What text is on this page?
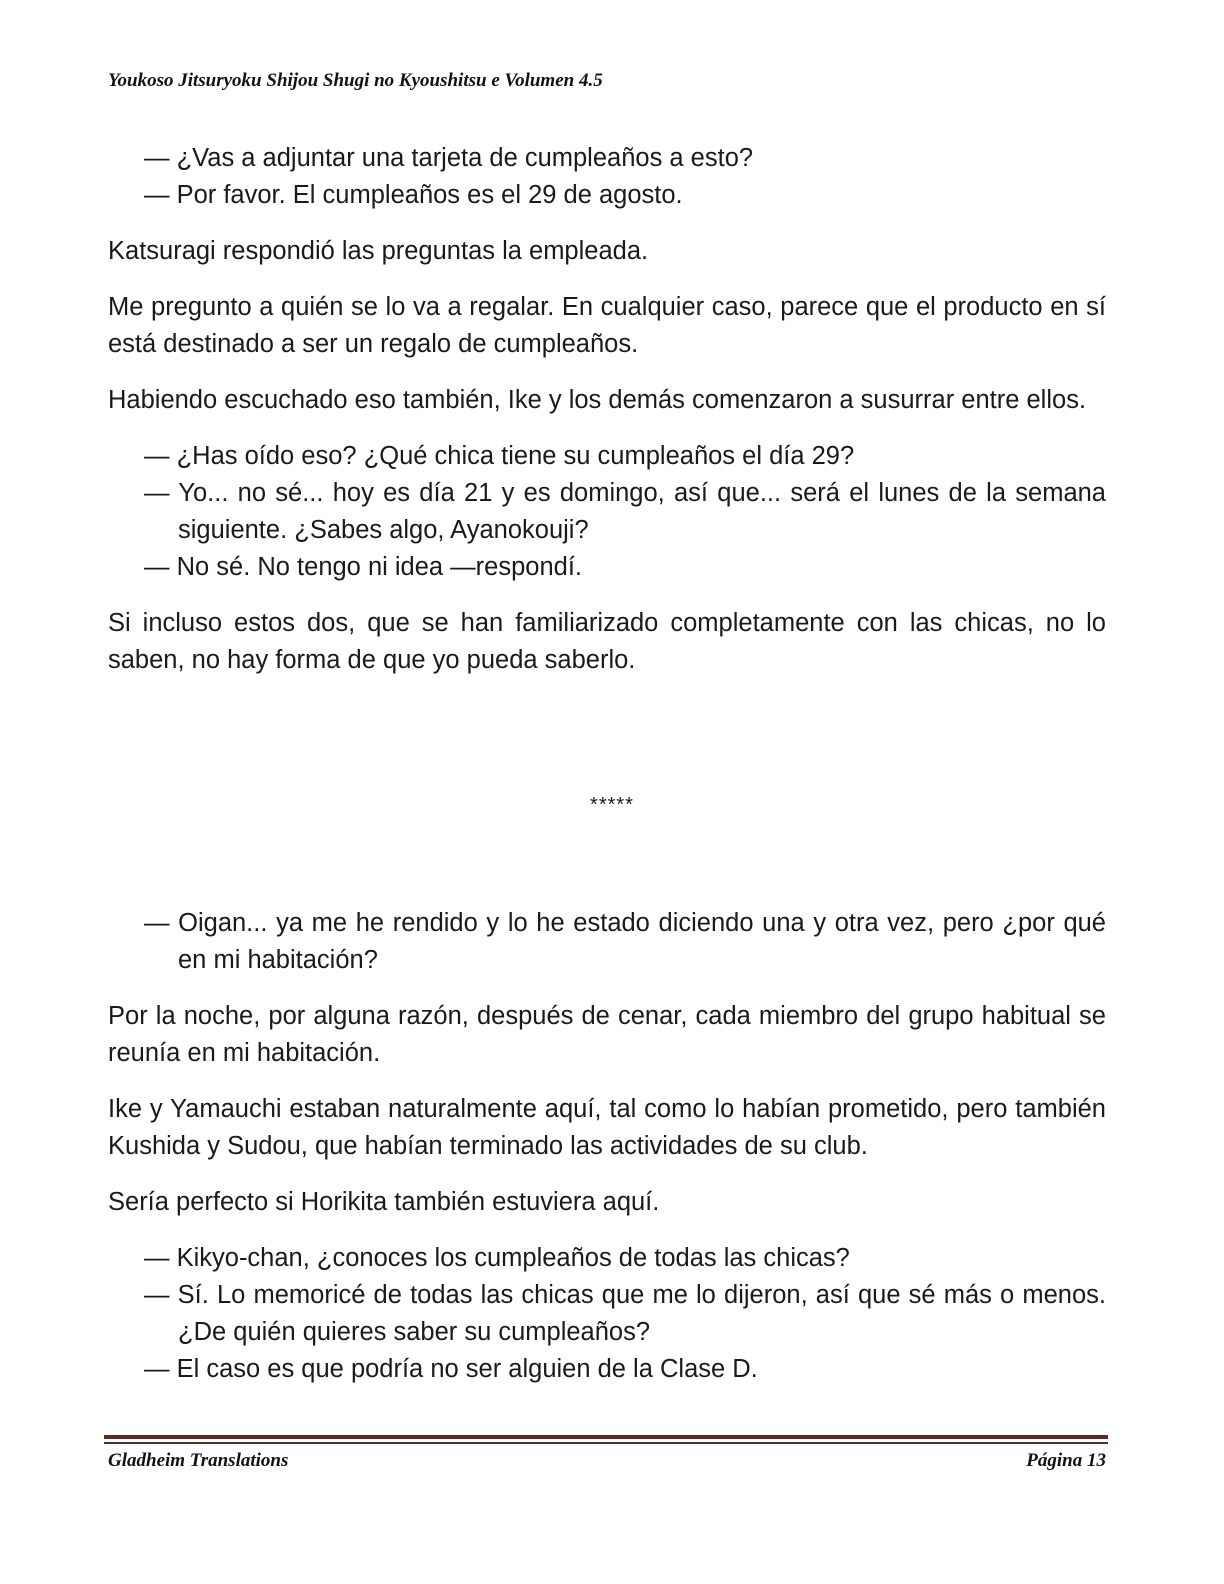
Youkoso Jitsuryoku Shijou Shugi no Kyoushitsu e Volumen 4.5

— ¿Vas a adjuntar una tarjeta de cumpleaños a esto?

— Por favor. El cumpleaños es el 29 de agosto.

Katsuragi respondió las preguntas la empleada.

Me pregunto a quién se lo va a regalar. En cualquier caso, parece que el producto en sí está destinado a ser un regalo de cumpleaños.

Habiendo escuchado eso también, Ike y los demás comenzaron a susurrar entre ellos.

— ¿Has oído eso? ¿Qué chica tiene su cumpleaños el día 29?

— Yo... no sé... hoy es día 21 y es domingo, así que... será el lunes de la semana siguiente. ¿Sabes algo, Ayanokouji?

— No sé. No tengo ni idea —respondí.

Si incluso estos dos, que se han familiarizado completamente con las chicas, no lo saben, no hay forma de que yo pueda saberlo.

*****

— Oigan... ya me he rendido y lo he estado diciendo una y otra vez, pero ¿por qué en mi habitación?

Por la noche, por alguna razón, después de cenar, cada miembro del grupo habitual se reunía en mi habitación.

Ike y Yamauchi estaban naturalmente aquí, tal como lo habían prometido, pero también Kushida y Sudou, que habían terminado las actividades de su club.

Sería perfecto si Horikita también estuviera aquí.

— Kikyo-chan, ¿conoces los cumpleaños de todas las chicas?

— Sí. Lo memoricé de todas las chicas que me lo dijeron, así que sé más o menos. ¿De quién quieres saber su cumpleaños?

— El caso es que podría no ser alguien de la Clase D.

Gladheim Translations	Página 13
